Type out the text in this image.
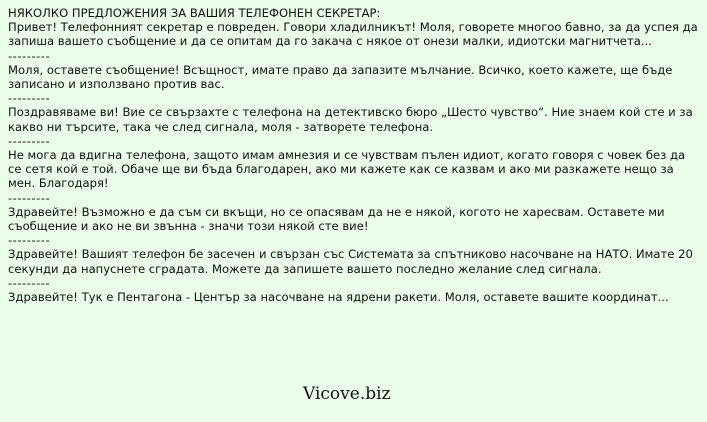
НЯКОЛКО ПРЕДЛОЖЕНИЯ ЗА ВАШИЯ ТЕЛЕФОНЕН СЕКРЕТАР:
Привет! Телефонният секретар е повреден. Говори хладилникът! Моля, говорете многоо бавно, за да успея да запиша вашето съобщение и да се опитам да го закача с някое от онези малки, идиотски магнитчета...
---------
Моля, оставете съобщение! Всъщност, имате право да запазите мълчание. Всичко, което кажете, ще бъде записано и използвано против вас.
---------
Поздравяваме ви! Вие се свързахте с телефона на детективско бюро „Шесто чувство“. Ние знаем кой сте и за какво ни търсите, така че след сигнала, моля - затворете телефона.
---------
Не мога да вдигна телефона, защото имам амнезия и се чувствам пълен идиот, когато говоря с човек без да се сетя кой е той. Обаче ще ви бъда благодарен, ако ми кажете как се казвам и ако ми разкажете нещо за мен. Благодаря!
---------
Здравейте! Възможно е да съм си вкъщи, но се опасявам да не е някой, когото не харесвам. Оставете ми съобщение и ако не ви звънна - значи този някой сте вие!
---------
Здравейте! Вашият телефон бе засечен и свързан със Системата за спътниково насочване на НАТО. Имате 20 секунди да напуснете сградата. Можете да запишете вашето последно желание след сигнала.
---------
Здравейте! Тук е Пентагона - Център за насочване на ядрени ракети. Моля, оставете вашите координат...
Vicove.biz
